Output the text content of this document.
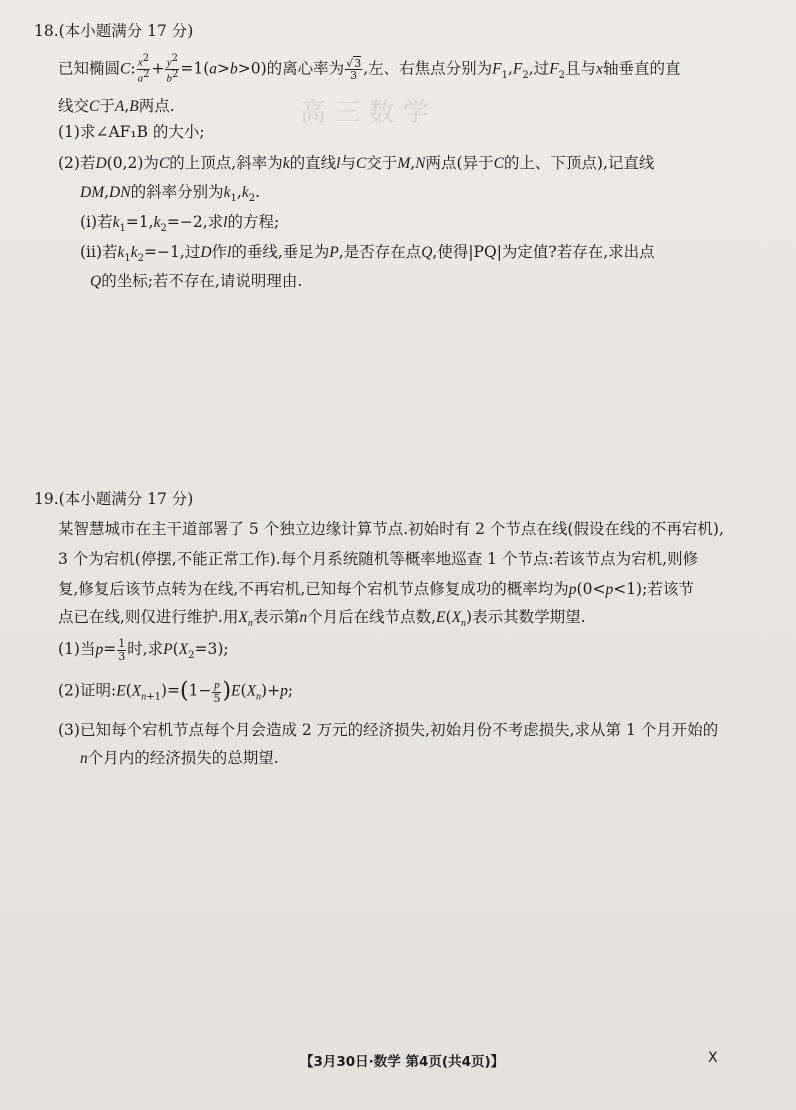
高 三 数 学
18.(本小题满分 17 分)
已知椭圆C: $\frac{x^2}{a^2} + \frac{y^2}{b^2} =1(a>b>0)$的离心率为 $\frac{√3}{3}$ ,左、右焦点分别为$F_1,F_2$,过$F_2$且与x轴垂直的直
线交C于A,B两点.
(1)求∠AF₁B 的大小;
(2)若D(0,2)为C的上顶点,斜率为k的直线l与C交于M,N两点(异于C的上、下顶点),记直线
DM,DN的斜率分别为$k_1,k_2$.
(ⅰ)若$k_1=1,k_2=-2$,求l的方程;
(ⅱ)若$k_1k_2=-1$,过D作l的垂线,垂足为P,是否存在点Q,使得|PQ|为定值?若存在,求出点
Q的坐标;若不存在,请说明理由.
19.(本小题满分 17 分)
某智慧城市在主干道部署了 5 个独立边缘计算节点.初始时有 2 个节点在线(假设在线的不再宕机),
3 个为宕机(停摆,不能正常工作).每个月系统随机等概率地巡查 1 个节点:若该节点为宕机,则修
复,修复后该节点转为在线,不再宕机,已知每个宕机节点修复成功的概率均为p(0<p<1);若该节
点已在线,则仅进行维护.用$X_n$表示第n个月后在线节点数$,E(X_n)$表示其数学期望.
(1)当$p= \frac{1}{3}$ 时,求$P(X_2=3)$;
(2)证明$:E(X_{n+1})=(1- \frac{p}{5} )E(X_n)+p$;
(3)已知每个宕机节点每个月会造成 2 万元的经济损失,初始月份不考虑损失,求从第 1 个月开始的
n个月内的经济损失的总期望.
【3月30日·数学 第4页(共4页)】	X
